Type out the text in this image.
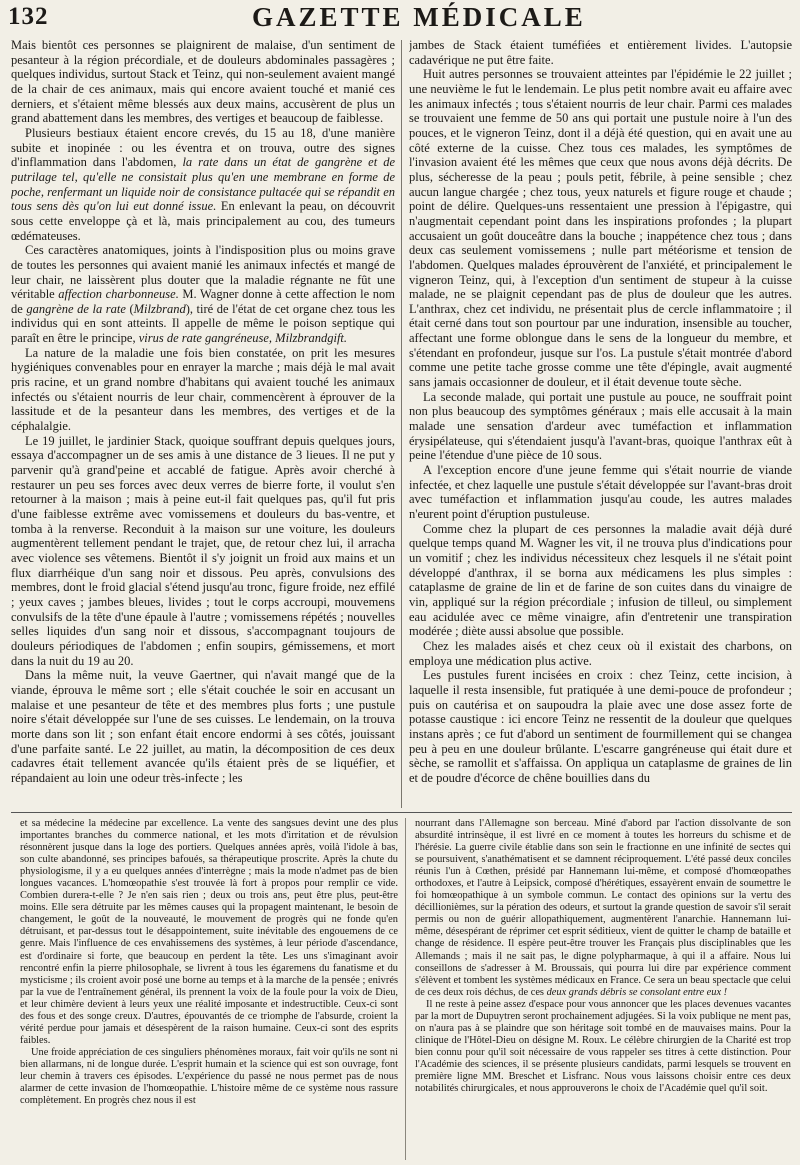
132	GAZETTE MÉDICALE

Mais bientôt ces personnes se plaignirent de malaise, d'un sentiment de pesanteur à la région précordiale, et de douleurs abdominales passagères ; quelques individus, surtout Stack et Teinz, qui non-seulement avaient mangé de la chair de ces animaux, mais qui encore avaient touché et manié ces derniers, et s'étaient même blessés aux deux mains, accusèrent de plus un grand abattement dans les membres, des vertiges et beaucoup de faiblesse.

Plusieurs bestiaux étaient encore crevés, du 15 au 18, d'une manière subite et inopinée : ou les éventra et on trouva, outre des signes d'inflammation dans l'abdomen, la rate dans un état de gangrène et de putrilage tel, qu'elle ne consistait plus qu'en une membrane en forme de poche, renfermant un liquide noir de consistance pultacée qui se répandit en tous sens dès qu'on lui eut donné issue. En enlevant la peau, on découvrit sous cette enveloppe çà et là, mais principalement au cou, des tumeurs œdémateuses.

Ces caractères anatomiques, joints à l'indisposition plus ou moins grave de toutes les personnes qui avaient manié les animaux infectés et mangé de leur chair, ne laissèrent plus douter que la maladie régnante ne fût une véritable affection charbonneuse. M. Wagner donne à cette affection le nom de gangrène de la rate (Milzbrand), tiré de l'état de cet organe chez tous les individus qui en sont atteints. Il appelle de même le poison septique qui paraît en être le principe, virus de rate gangréneuse, Milzbrandgift.

La nature de la maladie une fois bien constatée, on prit les mesures hygiéniques convenables pour en enrayer la marche ; mais déjà le mal avait pris racine, et un grand nombre d'habitans qui avaient touché les animaux infectés ou s'étaient nourris de leur chair, commencèrent à éprouver de la lassitude et de la pesanteur dans les membres, des vertiges et de la céphalalgie.

Le 19 juillet, le jardinier Stack, quoique souffrant depuis quelques jours, essaya d'accompagner un de ses amis à une distance de 3 lieues. Il ne put y parvenir qu'à grand'peine et accablé de fatigue. Après avoir cherché à restaurer un peu ses forces avec deux verres de bierre forte, il voulut s'en retourner à la maison ; mais à peine eut-il fait quelques pas, qu'il fut pris d'une faiblesse extrême avec vomissemens et douleurs du bas-ventre, et tomba à la renverse. Reconduit à la maison sur une voiture, les douleurs augmentèrent tellement pendant le trajet, que, de retour chez lui, il arracha avec violence ses vêtemens. Bientôt il s'y joignit un froid aux mains et un flux diarrhéique d'un sang noir et dissous. Peu après, convulsions des membres, dont le froid glacial s'étend jusqu'au tronc, figure froide, nez effilé ; yeux caves ; jambes bleues, livides ; tout le corps accroupi, mouvemens convulsifs de la tête d'une épaule à l'autre ; vomissemens répétés ; nouvelles selles liquides d'un sang noir et dissous, s'accompagnant toujours de douleurs périodiques de l'abdomen ; enfin soupirs, gémissemens, et mort dans la nuit du 19 au 20.

Dans la même nuit, la veuve Gaertner, qui n'avait mangé que de la viande, éprouva le même sort ; elle s'était couchée le soir en accusant un malaise et une pesanteur de tête et des membres plus forts ; une pustule noire s'était développée sur l'une de ses cuisses. Le lendemain, on la trouva morte dans son lit ; son enfant était encore endormi à ses côtés, jouissant d'une parfaite santé. Le 22 juillet, au matin, la décomposition de ces deux cadavres était tellement avancée qu'ils étaient près de se liquéfier, et répandaient au loin une odeur très-infecte ; les

jambes de Stack étaient tuméfiées et entièrement livides. L'autopsie cadavérique ne put être faite.

Huit autres personnes se trouvaient atteintes par l'épidémie le 22 juillet ; une neuvième le fut le lendemain. Le plus petit nombre avait eu affaire avec les animaux infectés ; tous s'étaient nourris de leur chair. Parmi ces malades se trouvaient une femme de 50 ans qui portait une pustule noire à l'un des pouces, et le vigneron Teinz, dont il a déjà été question, qui en avait une au côté externe de la cuisse. Chez tous ces malades, les symptômes de l'invasion avaient été les mêmes que ceux que nous avons déjà décrits. De plus, sécheresse de la peau ; pouls petit, fébrile, à peine sensible ; chez aucun langue chargée ; chez tous, yeux naturels et figure rouge et chaude ; point de délire. Quelques-uns ressentaient une pression à l'épigastre, qui n'augmentait cependant point dans les inspirations profondes ; la plupart accusaient un goût douceâtre dans la bouche ; inappétence chez tous ; dans deux cas seulement vomissemens ; nulle part météorisme et tension de l'abdomen. Quelques malades éprouvèrent de l'anxiété, et principalement le vigneron Teinz, qui, à l'exception d'un sentiment de stupeur à la cuisse malade, ne se plaignit cependant pas de plus de douleur que les autres. L'anthrax, chez cet individu, ne présentait plus de cercle inflammatoire ; il était cerné dans tout son pourtour par une induration, insensible au toucher, affectant une forme oblongue dans le sens de la longueur du membre, et s'étendant en profondeur, jusque sur l'os. La pustule s'était montrée d'abord comme une petite tache grosse comme une tête d'épingle, avait augmenté sans jamais occasionner de douleur, et il était devenue toute sèche.

La seconde malade, qui portait une pustule au pouce, ne souffrait point non plus beaucoup des symptômes généraux ; mais elle accusait à la main malade une sensation d'ardeur avec tuméfaction et inflammation érysipélateuse, qui s'étendaient jusqu'à l'avant-bras, quoique l'anthrax eût à peine l'étendue d'une pièce de 10 sous.

A l'exception encore d'une jeune femme qui s'était nourrie de viande infectée, et chez laquelle une pustule s'était développée sur l'avant-bras droit avec tuméfaction et inflammation jusqu'au coude, les autres malades n'eurent point d'éruption pustuleuse.

Comme chez la plupart de ces personnes la maladie avait déjà duré quelque temps quand M. Wagner les vit, il ne trouva plus d'indications pour un vomitif ; chez les individus nécessiteux chez lesquels il ne s'était point développé d'anthrax, il se borna aux médicamens les plus simples : cataplasme de graine de lin et de farine de son cuites dans du vinaigre de vin, appliqué sur la région précordiale ; infusion de tilleul, ou simplement eau acidulée avec ce même vinaigre, afin d'entretenir une transpiration modérée ; diète aussi absolue que possible.

Chez les malades aisés et chez ceux où il existait des charbons, on employa une médication plus active.

Les pustules furent incisées en croix : chez Teinz, cette incision, à laquelle il resta insensible, fut pratiquée à une demi-pouce de profondeur ; puis on cautérisa et on saupoudra la plaie avec une dose assez forte de potasse caustique : ici encore Teinz ne ressentit de la douleur que quelques instans après ; ce fut d'abord un sentiment de fourmillement qui se changea peu à peu en une douleur brûlante. L'escarre gangréneuse qui était dure et sèche, se ramollit et s'affaissa. On appliqua un cataplasme de graines de lin et de poudre d'écorce de chêne bouillies dans du

et sa médecine la médecine par excellence. La vente des sangsues devint une des plus importantes branches du commerce national, et les mots d'irritation et de révulsion résonnèrent jusque dans la loge des portiers. Quelques années après, voilà l'idole à bas, son culte abandonné, ses principes bafoués, sa thérapeutique proscrite. Après la chute du physiologisme, il y a eu quelques années d'interrègne ; mais la mode n'admet pas de bien longues vacances. L'homœopathie s'est trouvée là fort à propos pour remplir ce vide. Combien durera-t-elle ? Je n'en sais rien ; deux ou trois ans, peut être plus, peut-être moins. Elle sera détruite par les mêmes causes qui la propagent maintenant, le besoin de changement, le goût de la nouveauté, le mouvement de progrès qui ne fonde qu'en détruisant, et par-dessus tout le désappointement, suite inévitable des engouemens de ce genre. Mais l'influence de ces envahissemens des systèmes, à leur période d'ascendance, est d'ordinaire si forte, que beaucoup en perdent la tête. Les uns s'imaginant avoir rencontré enfin la pierre philosophale, se livrent à tous les égaremens du fanatisme et du mysticisme ; ils croient avoir posé une borne au temps et à la marche de la pensée ; enivrés par la vue de l'entraînement général, ils prennent la voix de la foule pour la voix de Dieu, et leur chimère devient à leurs yeux une réalité imposante et indestructible. Ceux-ci sont des fous et des songe creux. D'autres, épouvantés de ce triomphe de l'absurde, croient la vérité perdue pour jamais et désespèrent de la raison humaine. Ceux-ci sont des esprits faibles.

Une froide appréciation de ces singuliers phénomènes moraux, fait voir qu'ils ne sont ni bien allarmans, ni de longue durée. L'esprit humain et la science qui est son ouvrage, font leur chemin à travers ces épisodes. L'expérience du passé ne nous permet pas de nous alarmer de cette invasion de l'homœopathie. L'histoire même de ce système nous rassure complètement. En progrès chez nous il est

nourrant dans l'Allemagne son berceau. Miné d'abord par l'action dissolvante de son absurdité intrinsèque, il est livré en ce moment à toutes les horreurs du schisme et de l'hérésie. La guerre civile établie dans son sein le fractionne en une infinité de sectes qui se poursuivent, s'anathématisent et se damnent réciproquement. L'été passé deux conciles réunis l'un à Cœthen, présidé par Hannemann lui-même, et composé d'homœopathes orthodoxes, et l'autre à Leipsick, composé d'hérétiques, essayèrent envain de soumettre le foi homœopathique à un symbole commun. Le contact des opinions sur la vertu des décillionièmes, sur la pération des odeurs, et surtout la grande question de savoir s'il serait permis ou non de guérir allopathiquement, augmentèrent l'anarchie. Hannemann lui-même, désespérant de réprimer cet esprit séditieux, vient de quitter le champ de bataille et change de résidence. Il espère peut-être trouver les Français plus disciplinables que les Allemands ; mais il ne sait pas, le digne polypharmaque, à qui il a affaire. Nous lui conseillons de s'adresser à M. Broussais, qui pourra lui dire par expérience comment s'élèvent et tombent les systèmes médicaux en France. Ce sera un beau spectacle que celui de ces deux rois déchus, de ces deux grands débris se consolant entre eux !

Il ne reste à peine assez d'espace pour vous annoncer que les places devenues vacantes par la mort de Dupuytren seront prochainement adjugées. Si la voix publique ne ment pas, on n'aura pas à se plaindre que son héritage soit tombé en de mauvaises mains. Pour la clinique de l'Hôtel-Dieu on désigne M. Roux. Le célèbre chirurgien de la Charité est trop bien connu pour qu'il soit nécessaire de vous rappeler ses titres à cette distinction. Pour l'Académie des sciences, il se présente plusieurs candidats, parmi lesquels se trouvent en première ligne MM. Breschet et Lisfranc. Nous vous laissons choisir entre ces deux notabilités chirurgicales, et nous approuverons le choix de l'Académie quel qu'il soit.
